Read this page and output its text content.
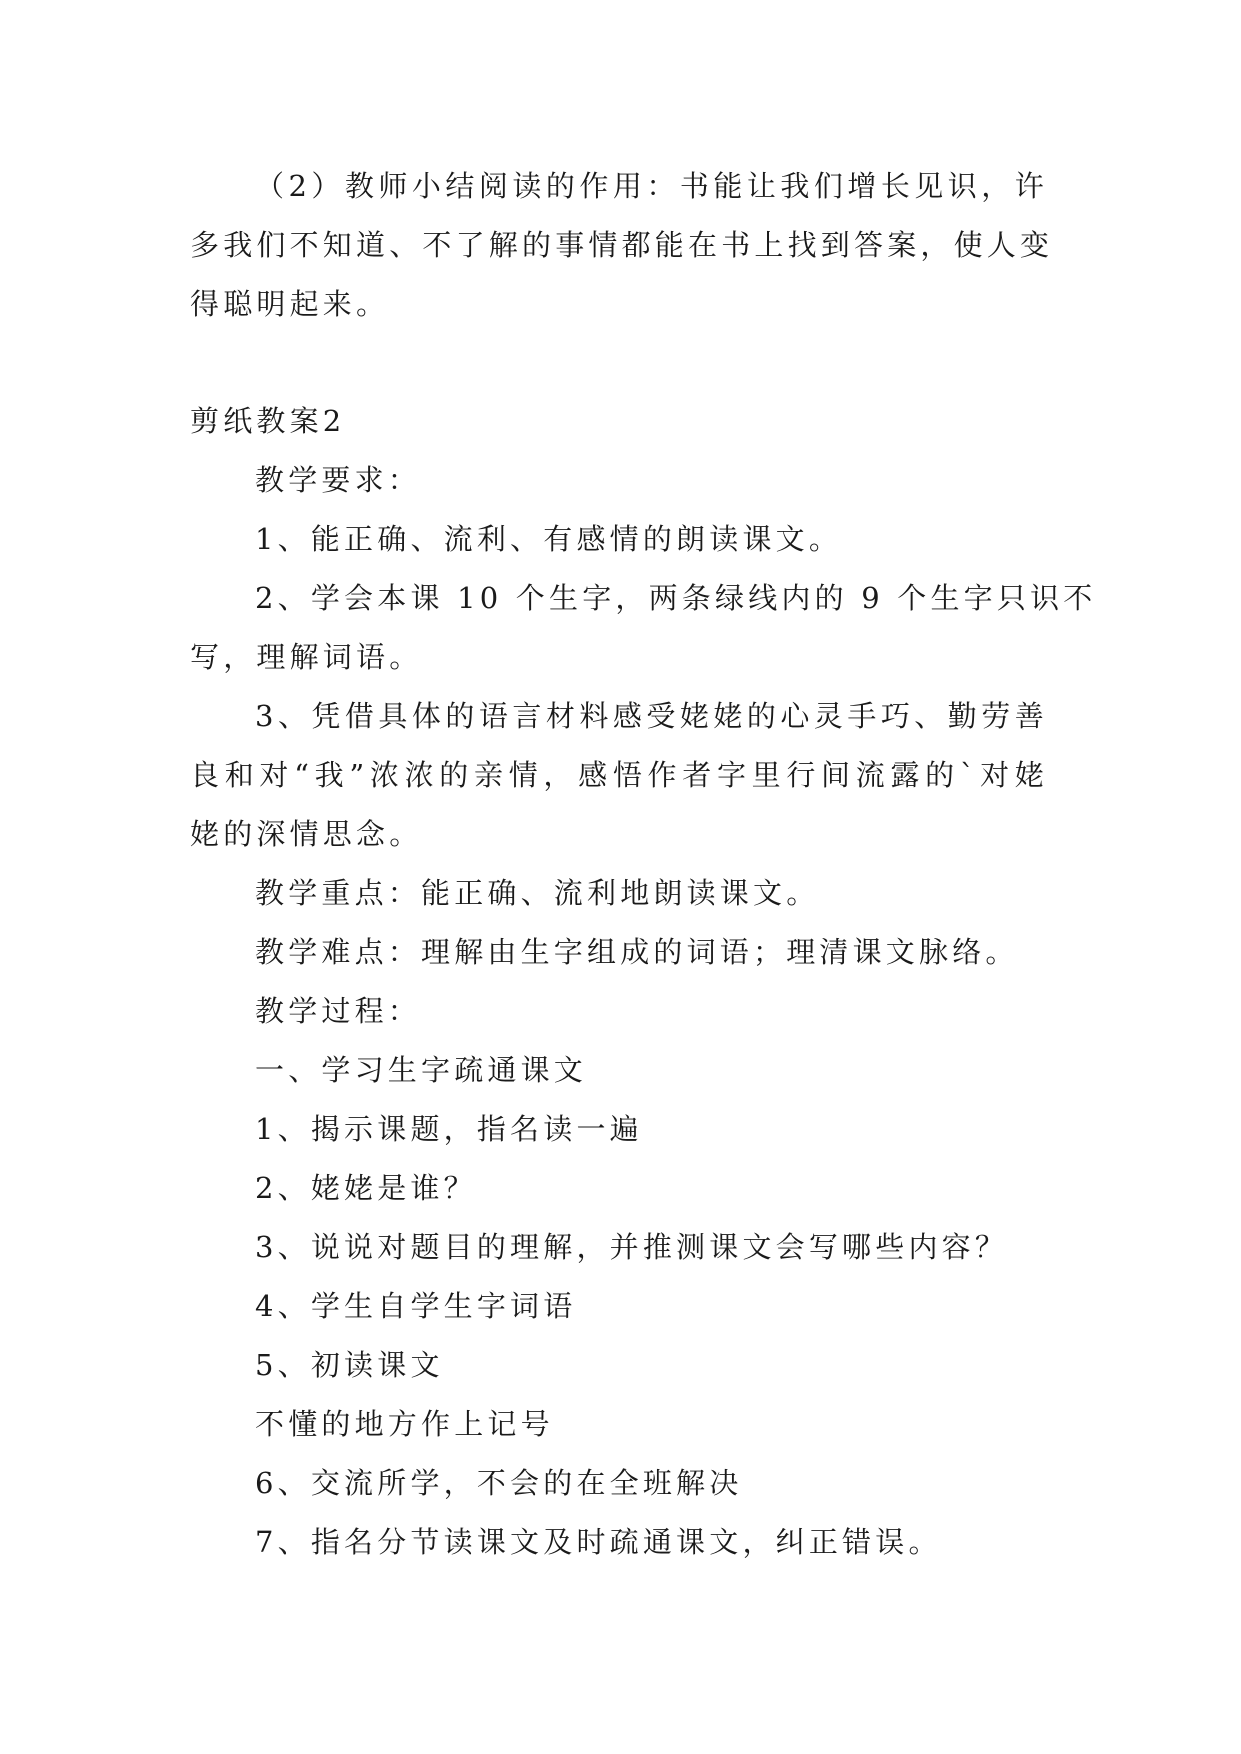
（2）教师小结阅读的作用：书能让我们增长见识，许
多我们不知道、不了解的事情都能在书上找到答案，使人变
得聪明起来。
剪纸教案2
教学要求：
1、能正确、流利、有感情的朗读课文。
2、学会本课 10 个生字，两条绿线内的 9 个生字只识不
写，理解词语。
3、凭借具体的语言材料感受姥姥的心灵手巧、勤劳善
良和对“我”浓浓的亲情，感悟作者字里行间流露的`对姥
姥的深情思念。
教学重点：能正确、流利地朗读课文。
教学难点：理解由生字组成的词语；理清课文脉络。
教学过程：
一、学习生字疏通课文
1、揭示课题，指名读一遍
2、姥姥是谁？
3、说说对题目的理解，并推测课文会写哪些内容？
4、学生自学生字词语
5、初读课文
不懂的地方作上记号
6、交流所学，不会的在全班解决
7、指名分节读课文及时疏通课文，纠正错误。
